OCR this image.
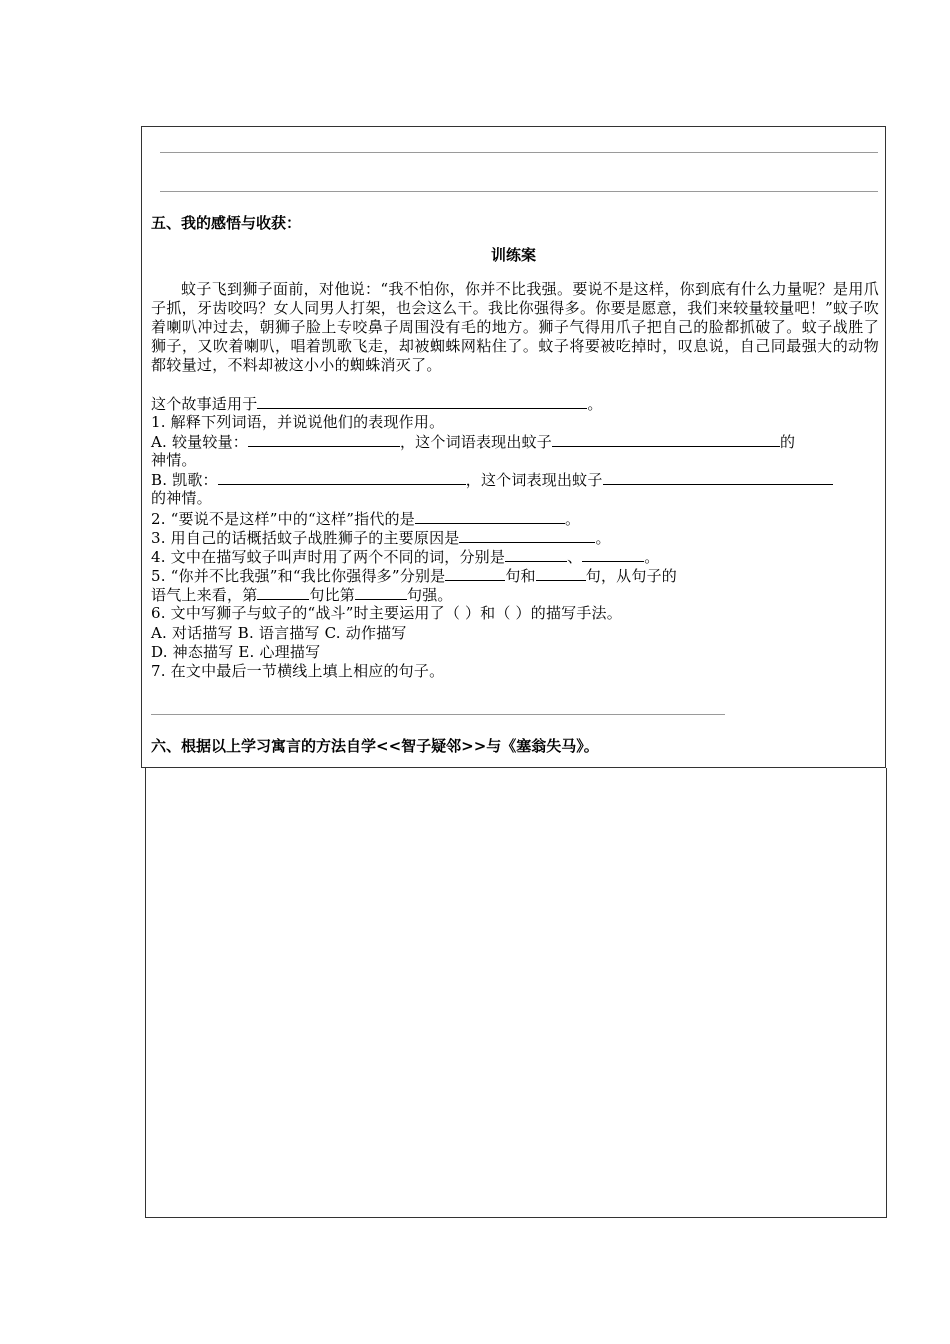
五、我的感悟与收获：
训练案

蚊子飞到狮子面前，对他说：“我不怕你，你并不比我强。要说不是这样，你到底有什么力量呢？是用爪子抓，牙齿咬吗？女人同男人打架，也会这么干。我比你强得多。你要是愿意，我们来较量较量吧！”蚊子吹着喇叭冲过去，朝狮子脸上专咬鼻子周围没有毛的地方。狮子气得用爪子把自己的脸都抓破了。蚊子战胜了狮子，又吹着喇叭，唱着凯歌飞走，却被蜘蛛网粘住了。蚊子将要被吃掉时，叹息说，自己同最强大的动物都较量过，不料却被这小小的蜘蛛消灭了。

这个故事适用于	。
1. 解释下列词语，并说说他们的表现作用。
A. 较量较量：	，这个词语表现出蚊子	的
神情。
B. 凯歌：	，这个词表现出蚊子
的神情。
2. “要说不是这样”中的“这样”指代的是	。
3. 用自己的话概括蚊子战胜狮子的主要原因是	。
4. 文中在描写蚊子叫声时用了两个不同的词，分别是	、	。
5. “你并不比我强”和“我比你强得多”分别是	句和	句，从句子的
语气上来看，第	句比第	句强。
6. 文中写狮子与蚊子的“战斗”时主要运用了（ ）和（ ）的描写手法。
A. 对话描写 B. 语言描写 C. 动作描写
D. 神态描写 E. 心理描写
7. 在文中最后一节横线上填上相应的句子。
六、根据以上学习寓言的方法自学<<智子疑邻>>与《塞翁失马》。
